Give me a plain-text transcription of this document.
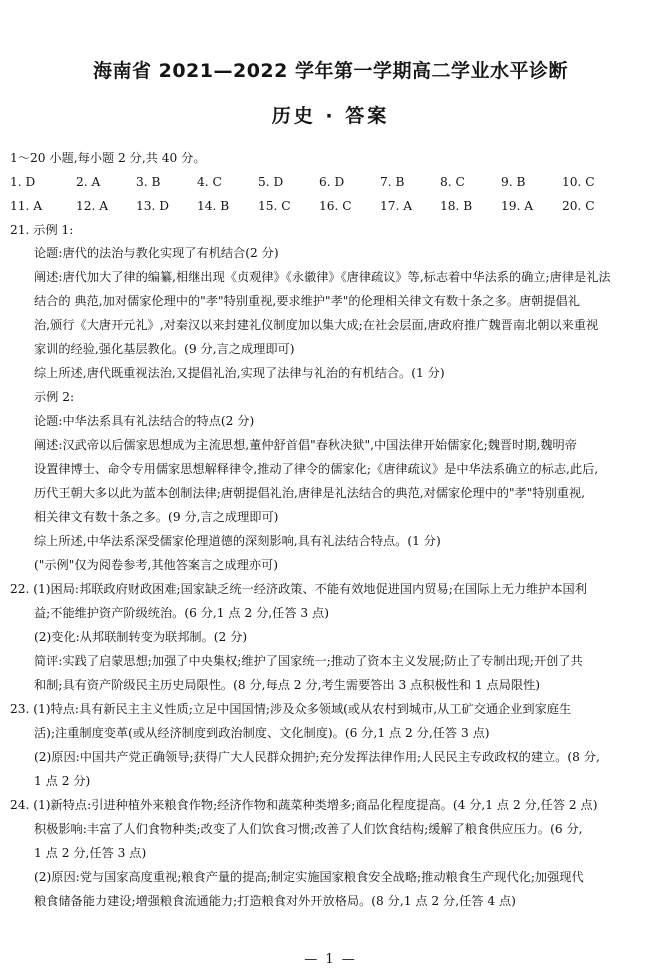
海南省 2021—2022 学年第一学期高二学业水平诊断
历史 · 答案
1～20 小题,每小题 2 分,共 40 分。
1. D	2. A	3. B	4. C	5. D	6. D	7. B	8. C	9. B	10. C
11. A	12. A 13. D 14. B 15. C 16. C 17. A 18. B 19. A 20. C
21. 示例 1:
论题:唐代的法治与教化实现了有机结合(2 分)
阐述:唐代加大了律的编纂,相继出现《贞观律》《永徽律》《唐律疏议》等,标志着中华法系的确立;唐律是礼法
结合的 典范,加对儒家伦理中的"孝"特别重视,要求维护"孝"的伦理相关律文有数十条之多。唐朝提倡礼
治,颁行《大唐开元礼》,对秦汉以来封建礼仪制度加以集大成;在社会层面,唐政府推广魏晋南北朝以来重视
家训的经验,强化基层教化。(9 分,言之成理即可)
综上所述,唐代既重视法治,又提倡礼治,实现了法律与礼治的有机结合。(1 分)
示例 2:
论题:中华法系具有礼法结合的特点(2 分)
阐述:汉武帝以后儒家思想成为主流思想,董仲舒首倡"春秋决狱",中国法律开始儒家化;魏晋时期,魏明帝
设置律博士、命令专用儒家思想解释律令,推动了律令的儒家化;《唐律疏议》是中华法系确立的标志,此后,
历代王朝大多以此为蓝本创制法律;唐朝提倡礼治,唐律是礼法结合的典范,对儒家伦理中的"孝"特别重视,
相关律文有数十条之多。(9 分,言之成理即可)
综上所述,中华法系深受儒家伦理道德的深刻影响,具有礼法结合特点。(1 分)
("示例"仅为阅卷参考,其他答案言之成理亦可)
22. (1)困局:邦联政府财政困难;国家缺乏统一经济政策、不能有效地促进国内贸易;在国际上无力维护本国利
益;不能维护资产阶级统治。(6 分,1 点 2 分,任答 3 点)
(2)变化:从邦联制转变为联邦制。(2 分)
简评:实践了启蒙思想;加强了中央集权;维护了国家统一;推动了资本主义发展;防止了专制出现;开创了共
和制;具有资产阶级民主历史局限性。(8 分,每点 2 分,考生需要答出 3 点积极性和 1 点局限性)
23. (1)特点:具有新民主主义性质;立足中国国情;涉及众多领域(或从农村到城市,从工矿交通企业到家庭生
活);注重制度变革(或从经济制度到政治制度、文化制度)。(6 分,1 点 2 分,任答 3 点)
(2)原因:中国共产党正确领导;获得广大人民群众拥护;充分发挥法律作用;人民民主专政政权的建立。(8 分,
1 点 2 分)
24. (1)新特点:引进种植外来粮食作物;经济作物和蔬菜种类增多;商品化程度提高。(4 分,1 点 2 分,任答 2 点)
积极影响:丰富了人们食物种类;改变了人们饮食习惯;改善了人们饮食结构;缓解了粮食供应压力。(6 分,
1 点 2 分,任答 3 点)
(2)原因:党与国家高度重视;粮食产量的提高;制定实施国家粮食安全战略;推动粮食生产现代化;加强现代
粮食储备能力建设;增强粮食流通能力;打造粮食对外开放格局。(8 分,1 点 2 分,任答 4 点)
— 1 —
